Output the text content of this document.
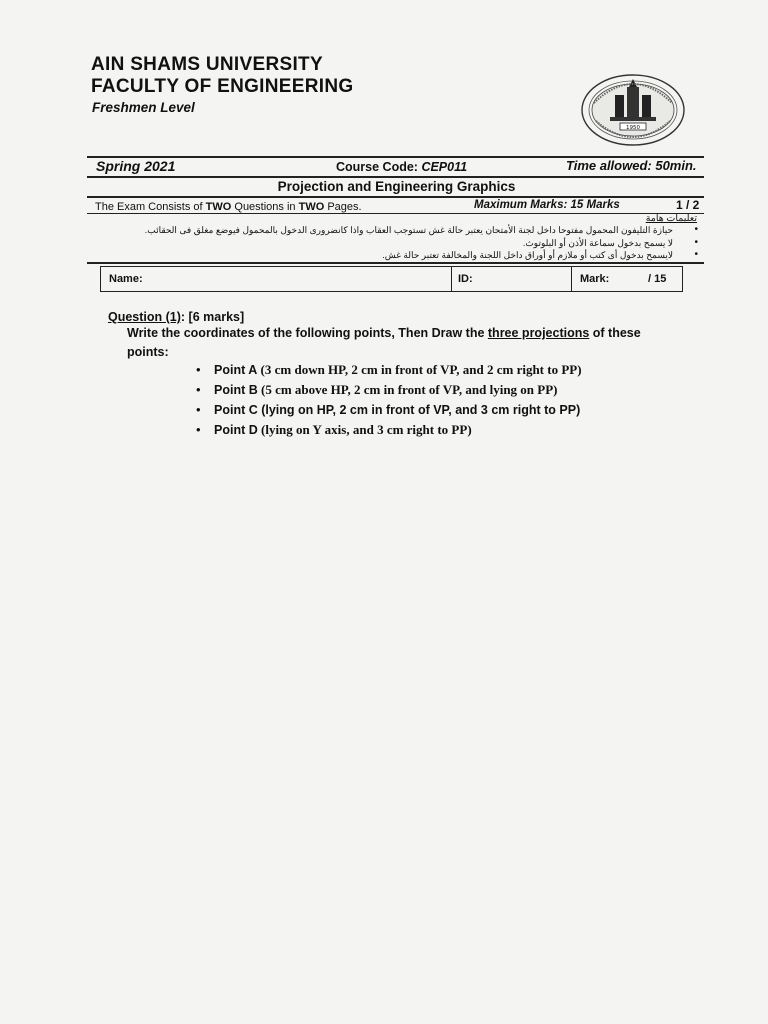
AIN SHAMS UNIVERSITY
FACULTY OF ENGINEERING
Freshmen Level
1950
Spring 2021	Course Code: CEP011	Time allowed: 50min.
Projection and Engineering Graphics
The Exam Consists of TWO Questions in TWO Pages.	Maximum Marks: 15 Marks	1 / 2
تعليمات هامة
•
حيازة التليفون المحمول مفتوحا داخل لجنة الأمتحان يعتبر حالة غش تستوجب العقاب واذا كانضرورى الدخول بالمحمول فيوضع مغلق فى الحقائب.
•
لا يسمح بدخول سماعة الأذن أو البلوتوث.
•
لايسمح بدخول أى كتب أو ملازم أو أوراق داخل اللجنة والمخالفة تعتبر حالة غش.
Name:	ID:	Mark:	/ 15
Question (1): [6 marks]
Write the coordinates of the following points, Then Draw the three projections of these points:
• Point A (3 cm down HP, 2 cm in front of VP, and 2 cm right to PP)
• Point B (5 cm above HP, 2 cm in front of VP, and lying on PP)
• Point C (lying on HP, 2 cm in front of VP, and 3 cm right to PP)
• Point D (lying on Y axis, and 3 cm right to PP)
